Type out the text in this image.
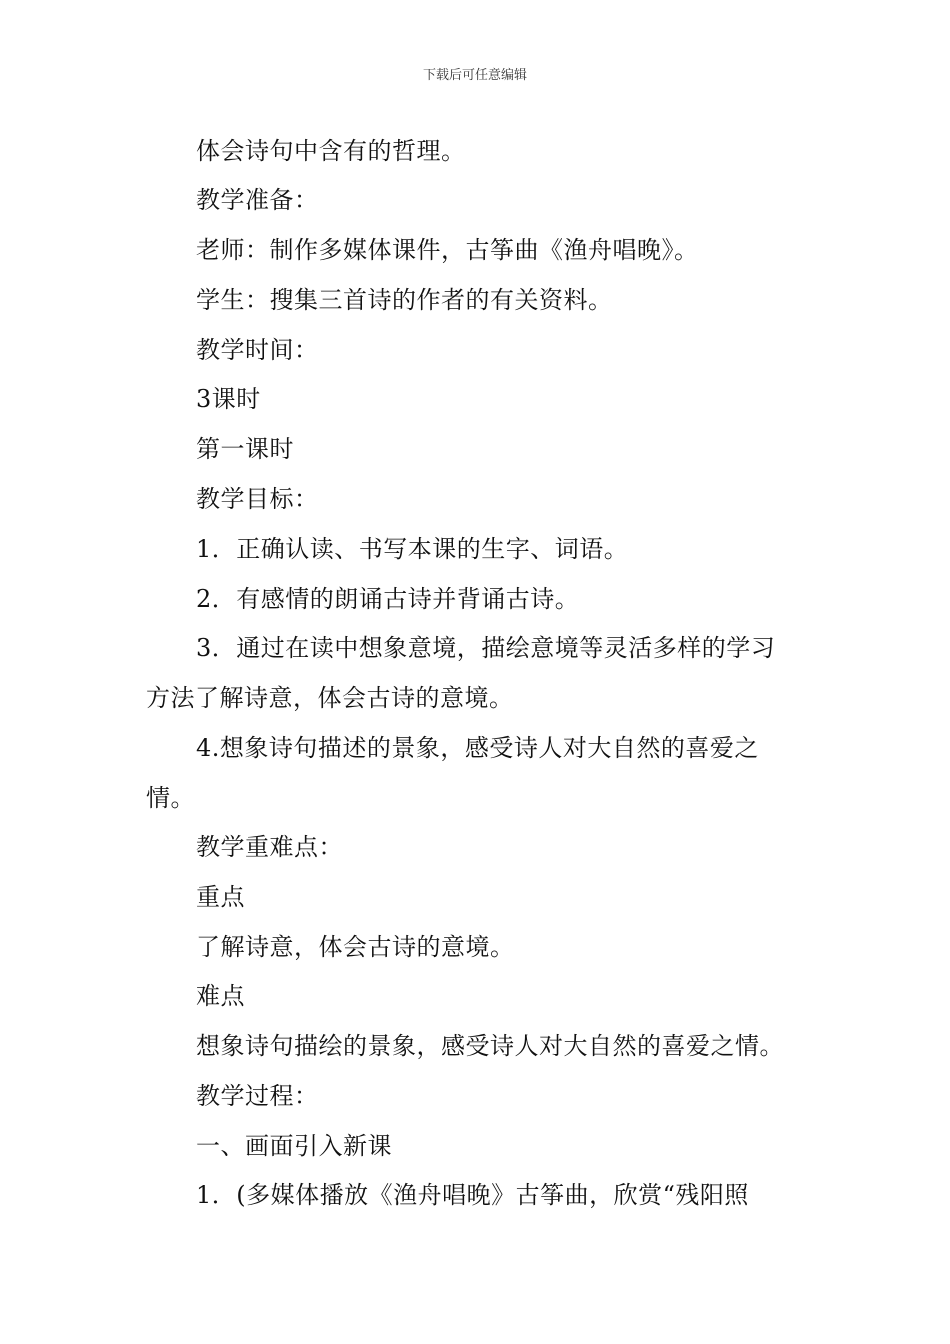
下载后可任意编辑
体会诗句中含有的哲理。
教学准备：
老师：制作多媒体课件，古筝曲《渔舟唱晚》。
学生：搜集三首诗的作者的有关资料。
教学时间：
3课时
第一课时
教学目标：
1．正确认读、书写本课的生字、词语。
2．有感情的朗诵古诗并背诵古诗。
3．通过在读中想象意境，描绘意境等灵活多样的学习
方法了解诗意，体会古诗的意境。
4.想象诗句描述的景象，感受诗人对大自然的喜爱之
情。
教学重难点：
重点
了解诗意，体会古诗的意境。
难点
想象诗句描绘的景象，感受诗人对大自然的喜爱之情。
教学过程：
一、画面引入新课
1．(多媒体播放《渔舟唱晚》古筝曲，欣赏“残阳照
